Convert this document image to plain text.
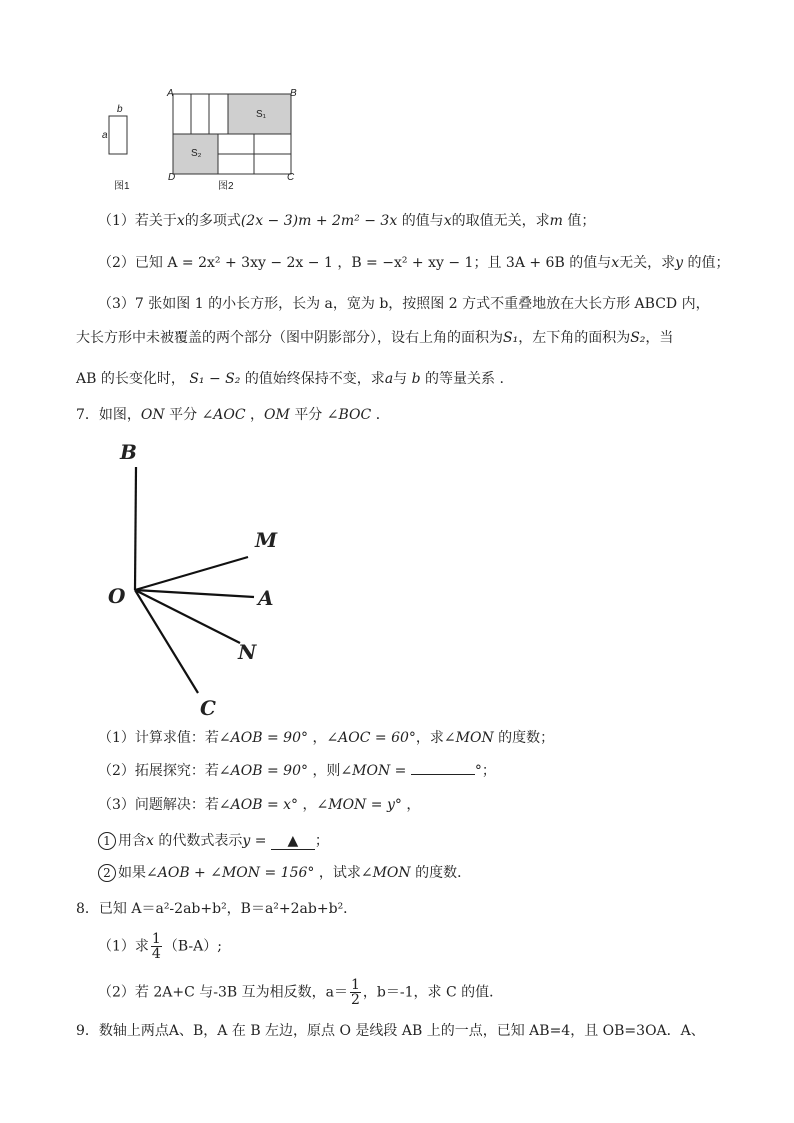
b
a
图1
A	B
D	C
S₁
S₂
图2
（1）若关于x的多项式(2x − 3)m + 2m² − 3x 的值与x的取值无关，求m 值；
（2）已知 A = 2x² + 3xy − 2x − 1 ，B = −x² + xy − 1；且 3A + 6B 的值与x无关，求y 的值；
（3）7 张如图 1 的小长方形，长为 a，宽为 b，按照图 2 方式不重叠地放在大长方形 ABCD 内，
大长方形中未被覆盖的两个部分（图中阴影部分），设右上角的面积为S₁，左下角的面积为S₂，当
AB 的长变化时， S₁ − S₂ 的值始终保持不变，求a与 b 的等量关系 .
7．如图，ON 平分 ∠AOC ，OM 平分 ∠BOC ．
B
M
O	A
N
C
（1）计算求值：若∠AOB = 90° ，∠AOC = 60°，求∠MON 的度数；
（2）拓展探究：若∠AOB = 90° ，则∠MON =	°；
（3）问题解决：若∠AOB = x° ，∠MON = y° ，
1 用含x 的代数式表示y = ▲ ；
2 如果∠AOB + ∠MON = 156° ，试求∠MON 的度数．
8．已知 A＝a²-2ab+b²，B＝a²+2ab+b²．
（1）求 $\frac{1}{4} (B-A)$;
（2）若 2A+C 与-3B 互为相反数，$a= \frac{1}{2}$ ，b＝-1，求 C 的值．
9．数轴上两点A、B，A 在 B 左边，原点 O 是线段 AB 上的一点，已知 AB=4，且 OB=3OA．A、
